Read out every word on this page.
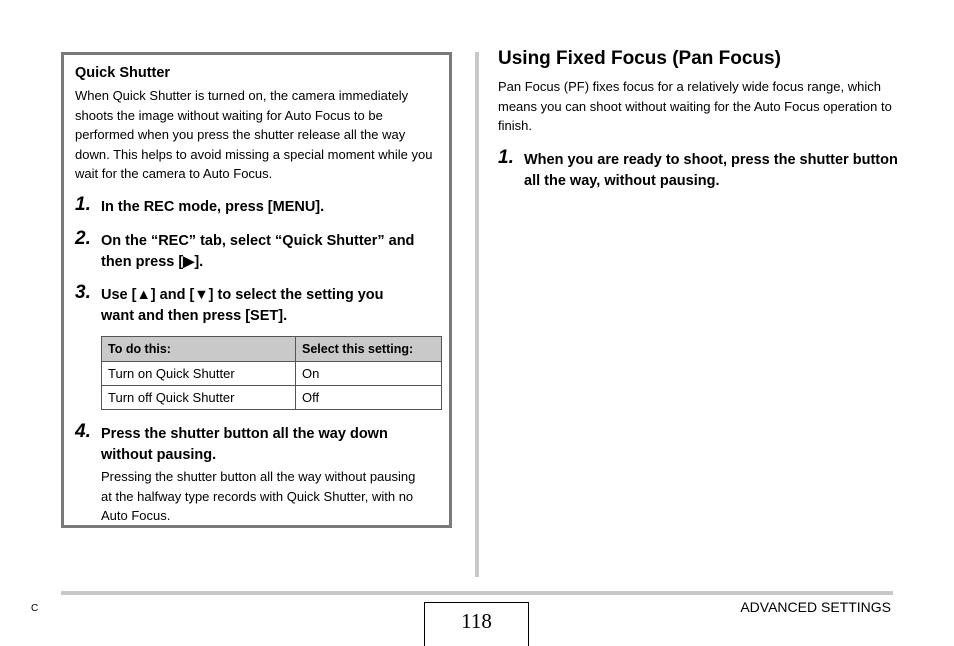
Quick Shutter

When Quick Shutter is turned on, the camera immediately shoots the image without waiting for Auto Focus to be performed when you press the shutter release all the way down. This helps to avoid missing a special moment while you wait for the camera to Auto Focus.

1. In the REC mode, press [MENU].
2. On the “REC” tab, select “Quick Shutter” and then press [▶].
3. Use [▲] and [▼] to select the setting you want and then press [SET].
To do this:	Select this setting:
Turn on Quick Shutter	On
Turn off Quick Shutter	Off
4. Press the shutter button all the way down without pausing.
Pressing the shutter button all the way without pausing at the halfway type records with Quick Shutter, with no Auto Focus.
Using Fixed Focus (Pan Focus)

Pan Focus (PF) fixes focus for a relatively wide focus range, which means you can shoot without waiting for the Auto Focus operation to finish.

1. When you are ready to shoot, press the shutter button all the way, without pausing.
C
118
ADVANCED SETTINGS
